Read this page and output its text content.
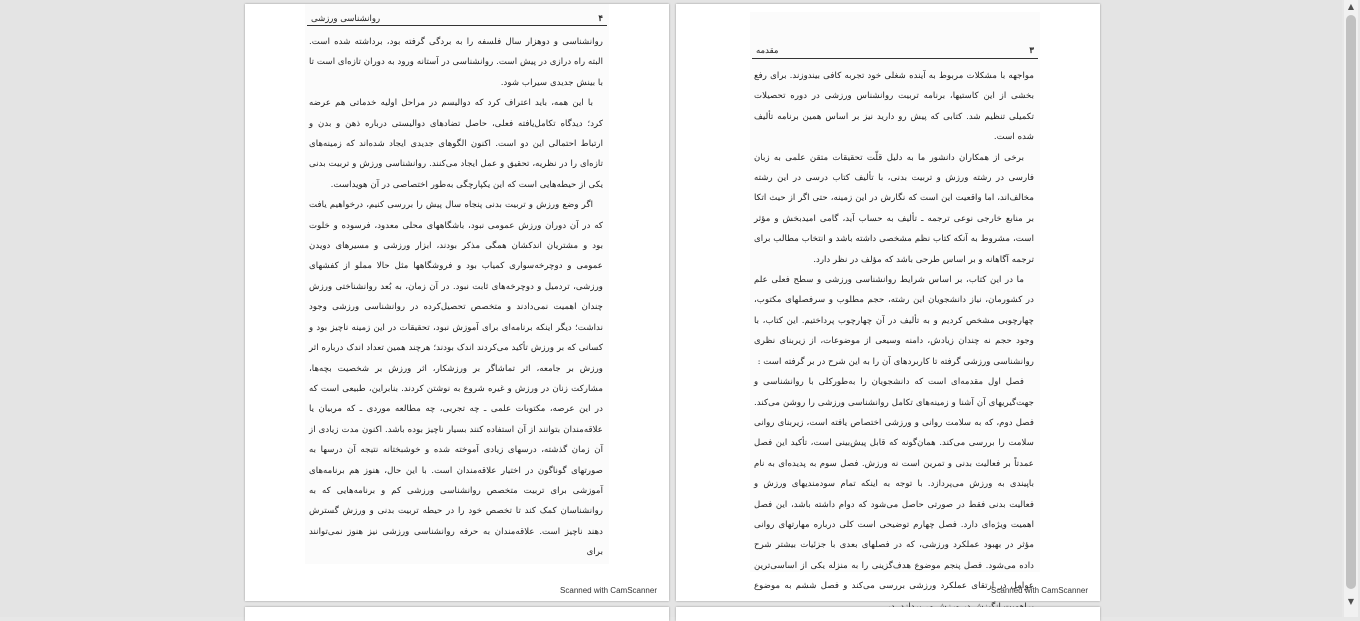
۴
روانشناسی ورزشی

روانشناسی و دوهزار سال فلسفه را به بردگی گرفته بود، برداشته شده است. البته راه درازی در پیش است. روانشناسی در آستانه ورود به دوران تازه‌ای است تا با بینش جدیدی سیراب شود.

با این همه، باید اعتراف کرد که دوالیسم در مراحل اولیه خدماتی هم عرضه کرد؛ دیدگاه تکامل‌یافته فعلی، حاصل تضادهای دوالیستی درباره ذهن و بدن و ارتباط احتمالی این دو است. اکنون الگوهای جدیدی ایجاد شده‌اند که زمینه‌های تازه‌ای را در نظریه، تحقیق و عمل ایجاد می‌کنند. روانشناسی ورزش و تربیت بدنی یکی از حیطه‌هایی است که این یکپارچگی به‌طور اختصاصی در آن هویداست.

اگر وضع ورزش و تربیت بدنی پنجاه سال پیش را بررسی کنیم، درخواهیم یافت که در آن دوران ورزش عمومی نبود، باشگاههای محلی معدود، فرسوده و خلوت بود و مشتریان اندکشان همگی مذکر بودند، ابزار ورزشی و مسیرهای دویدن عمومی و دوچرخه‌سواری کمیاب بود و فروشگاهها مثل حالا مملو از کفشهای ورزشی، تردمیل و دوچرخه‌های ثابت نبود. در آن زمان، به بُعد روانشناختی ورزش چندان اهمیت نمی‌دادند و متخصص تحصیل‌کرده در روانشناسی ورزشی وجود نداشت؛ دیگر اینکه برنامه‌ای برای آموزش نبود، تحقیقات در این زمینه ناچیز بود و کسانی که بر ورزش تأکید می‌کردند اندک بودند؛ هرچند همین تعداد اندک درباره اثر ورزش بر جامعه، اثر تماشاگر بر ورزشکار، اثر ورزش بر شخصیت بچه‌ها، مشارکت زنان در ورزش و غیره شروع به نوشتن کردند. بنابراین، طبیعی است که در این عرصه، مکتوبات علمی ـ چه تجربی، چه مطالعه موردی ـ که مربیان یا علاقه‌مندان بتوانند از آن استفاده کنند بسیار ناچیز بوده باشد. اکنون مدت زیادی از آن زمان گذشته، درسهای زیادی آموخته شده و خوشبختانه نتیجه آن درسها به صورتهای گوناگون در اختیار علاقه‌مندان است. با این حال، هنوز هم برنامه‌های آموزشی برای تربیت متخصص روانشناسی ورزشی کم و برنامه‌هایی که به روانشناسان کمک کند تا تخصص خود را در حیطه تربیت بدنی و ورزش گسترش دهند ناچیز است. علاقه‌مندان به حرفه روانشناسی ورزشی نیز هنوز نمی‌توانند برای

Scanned with CamScanner
۳
مقدمه

مواجهه با مشکلات مربوط به آینده شغلی خود تجربه کافی بیندوزند. برای رفع بخشی از این کاستیها، برنامه تربیت روانشناس ورزشی در دوره تحصیلات تکمیلی تنظیم شد. کتابی که پیش رو دارید نیز بر اساس همین برنامه تألیف شده است.

برخی از همکاران دانشور ما به دلیل قلّت تحقیقات متقن علمی به زبان فارسی در رشته ورزش و تربیت بدنی، با تألیف کتاب درسی در این رشته مخالف‌اند، اما واقعیت این است که نگارش در این زمینه، حتی اگر از حیث اتکا بر منابع خارجی نوعی ترجمه ـ تألیف به حساب آید، گامی امیدبخش و مؤثر است، مشروط به آنکه کتاب نظم مشخصی داشته باشد و انتخاب مطالب برای ترجمه آگاهانه و بر اساس طرحی باشد که مؤلف در نظر دارد.

ما در این کتاب، بر اساس شرایط روانشناسی ورزشی و سطح فعلی علم در کشورمان، نیاز دانشجویان این رشته، حجم مطلوب و سرفصلهای مکتوب، چهارچوبی مشخص کردیم و به تألیف در آن چهارچوب پرداختیم. این کتاب، با وجود حجم نه چندان زیادش، دامنه وسیعی از موضوعات، از زیربنای نظری روانشناسی ورزشی گرفته تا کاربردهای آن را به این شرح در بر گرفته است :

فصل اول مقدمه‌ای است که دانشجویان را به‌طورکلی با روانشناسی و جهت‌گیریهای آن آشنا و زمینه‌های تکامل روانشناسی ورزشی را روشن می‌کند. فصل دوم، که به سلامت روانی و ورزشی اختصاص یافته است، زیربنای روانی سلامت را بررسی می‌کند. همان‌گونه که قابل پیش‌بینی است، تأکید این فصل عمدتاً بر فعالیت بدنی و تمرین است نه ورزش. فصل سوم به پدیده‌ای به نام باپیندی به ورزش می‌پردازد. با توجه به اینکه تمام سودمندیهای ورزش و فعالیت بدنی فقط در صورتی حاصل می‌شود که دوام داشته باشد، این فصل اهمیت ویژه‌ای دارد. فصل چهارم توضیحی است کلی درباره مهارتهای روانی مؤثر در بهبود عملکرد ورزشی، که در فصلهای بعدی با جزئیات بیشتر شرح داده می‌شود. فصل پنجم موضوع هدف‌گزینی را به منزله یکی از اساسی‌ترین عوامل در ارتقای عملکرد ورزشی بررسی می‌کند و فصل ششم به موضوع	Scanned with CamScanner
▲
▼
